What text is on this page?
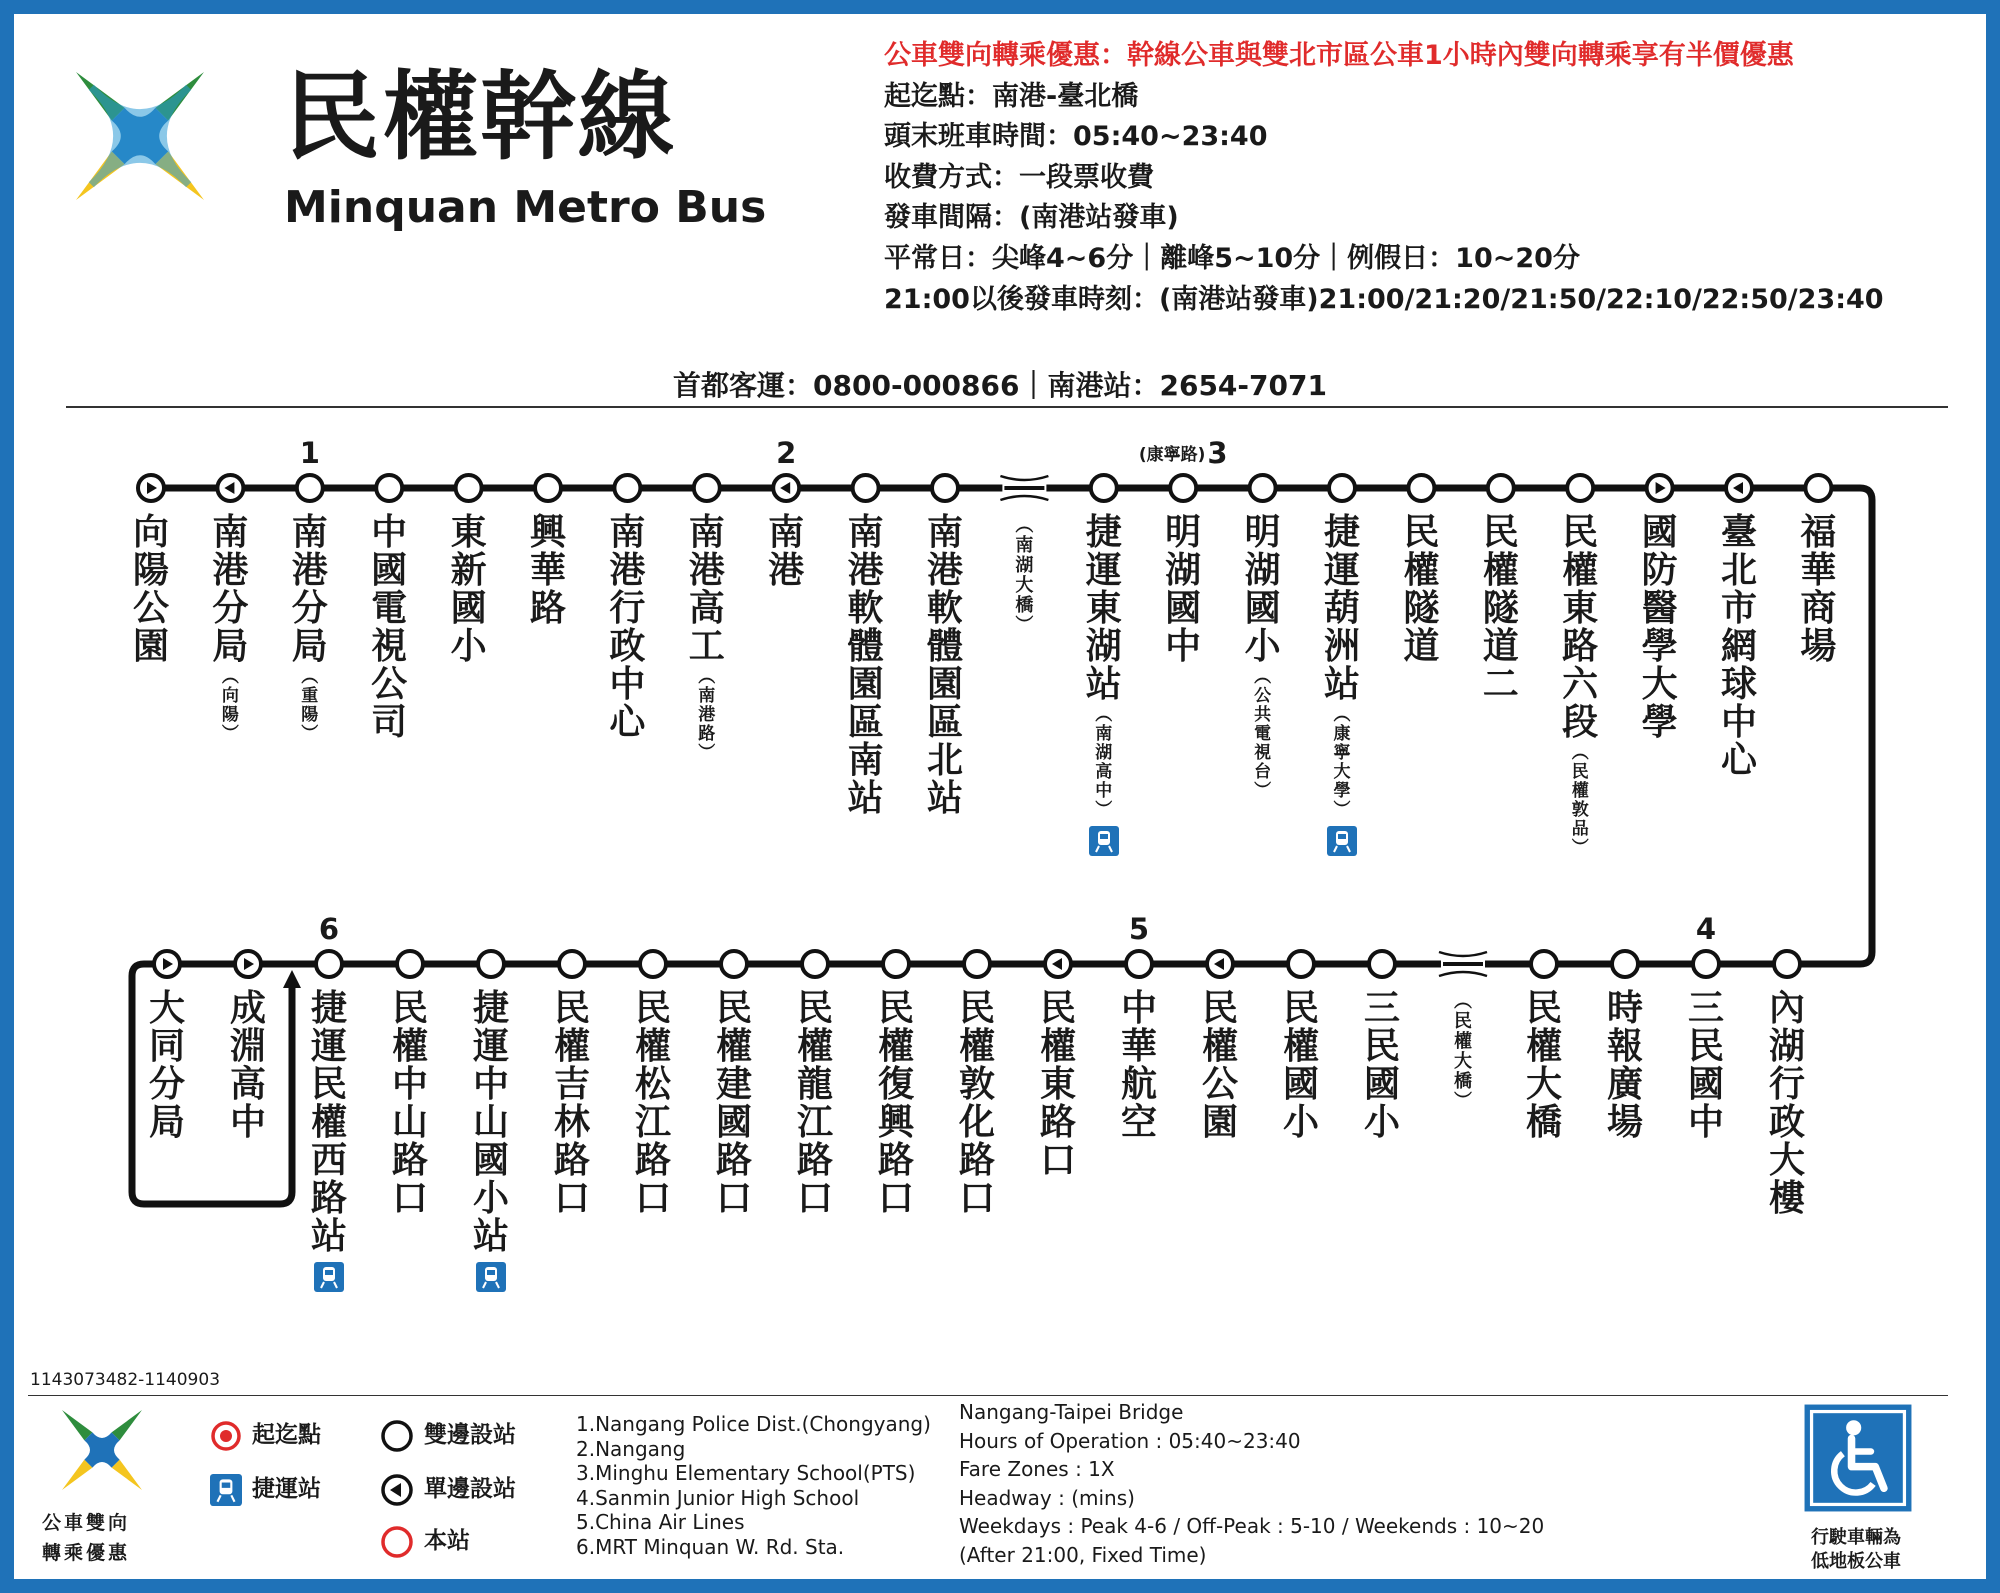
民權幹線
Minquan Metro Bus
公車雙向轉乘優惠：幹線公車與雙北市區公車1小時內雙向轉乘享有半價優惠
起迄點：南港-臺北橋
頭末班車時間：05:40~23:40
收費方式：一段票收費
發車間隔：(南港站發車)
平常日：尖峰4~6分｜離峰5~10分｜例假日：10~20分
21:00以後發車時刻：(南港站發車)21:00/21:20/21:50/22:10/22:50/23:40
首都客運：0800-000866｜南港站：2654-7071
向
陽
公
園
南
港
分
局
︵
向
陽
︶
1
南
港
分
局
︵
重
陽
︶
中
國
電
視
公
司
東
新
國
小
興
華
路
南
港
行
政
中
心
南
港
高
工
︵
南
港
路
︶
2
南
港
南
港
軟
體
園
區
南
站
南
港
軟
體
園
區
北
站
︵
南
湖
大
橋
︶
捷
運
東
湖
站
︵
南
湖
高
中
︶
(康寧路)3
明
湖
國
中
明
湖
國
小
︵
公
共
電
視
台
︶
捷
運
葫
洲
站
︵
康
寧
大
學
︶
民
權
隧
道
民
權
隧
道
二
民
權
東
路
六
段
︵
民
權
敦
品
︶
國
防
醫
學
大
學
臺
北
市
網
球
中
心
福
華
商
場
大
同
分
局
成
淵
高
中
6
捷
運
民
權
西
路
站
民
權
中
山
路
口
捷
運
中
山
國
小
站
民
權
吉
林
路
口
民
權
松
江
路
口
民
權
建
國
路
口
民
權
龍
江
路
口
民
權
復
興
路
口
民
權
敦
化
路
口
民
權
東
路
口
5
中
華
航
空
民
權
公
園
民
權
國
小
三
民
國
小
︵
民
權
大
橋
︶
民
權
大
橋
時
報
廣
場
4
三
民
國
中
內
湖
行
政
大
樓
1143073482-1140903
公車雙向
轉乘優惠
起迄點
捷運站
雙邊設站
單邊設站
本站
1.Nangang Police Dist.(Chongyang)
2.Nangang
3.Minghu Elementary School(PTS)
4.Sanmin Junior High School
5.China Air Lines
6.MRT Minquan W. Rd. Sta.
Nangang-Taipei Bridge
Hours of Operation : 05:40~23:40
Fare Zones : 1X
Headway : (mins)
Weekdays : Peak 4-6 / Off-Peak : 5-10 / Weekends : 10~20
(After 21:00, Fixed Time)
行駛車輛為
低地板公車
